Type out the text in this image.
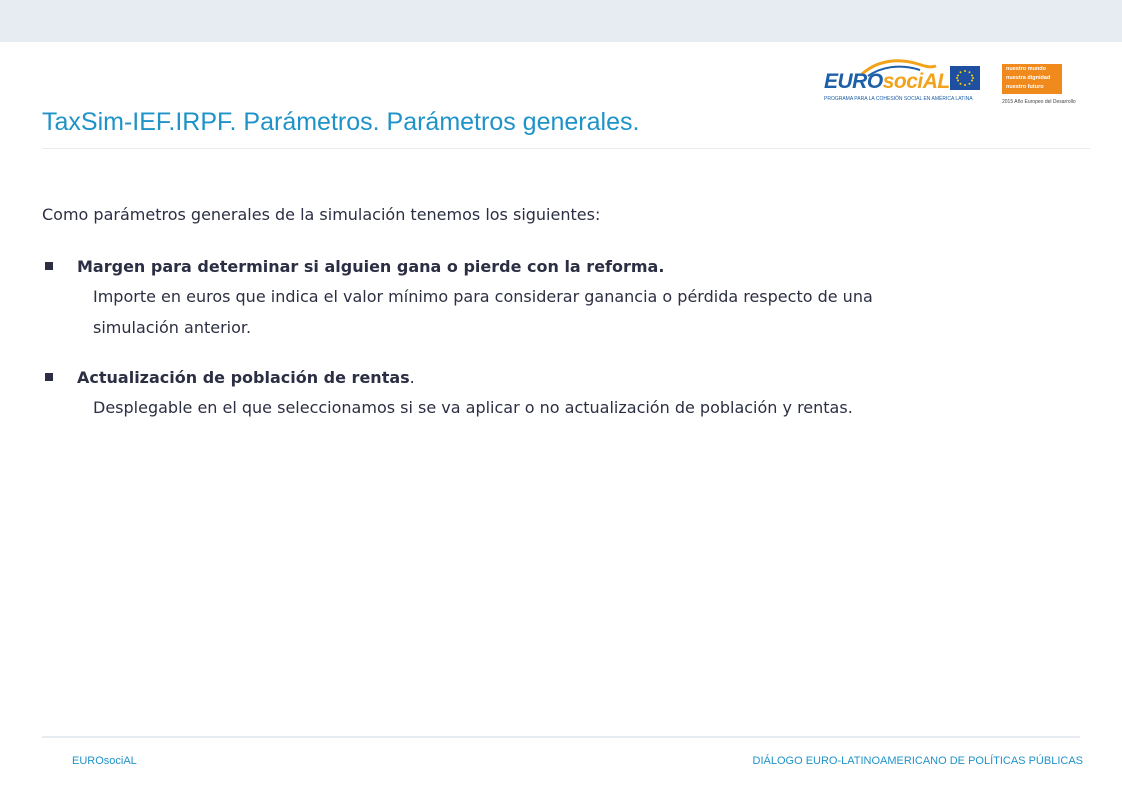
EUROsociAL
PROGRAMA PARA LA COHESIÓN SOCIAL EN AMÉRICA LATINA
nuestro mundo
nuestra dignidad
nuestro futuro
2015 Año Europeo del Desarrollo
TaxSim-IEF.IRPF. Parámetros. Parámetros generales.

Como parámetros generales de la simulación tenemos los siguientes:

Margen para determinar si alguien gana o pierde con la reforma.
Importe en euros que indica el valor mínimo para considerar ganancia o pérdida respecto de una simulación anterior.
Actualización de población de rentas.
Desplegable en el que seleccionamos si se va aplicar o no actualización de población y rentas.
EUROsociAL	DIÁLOGO EURO-LATINOAMERICANO DE POLÍTICAS PÚBLICAS
